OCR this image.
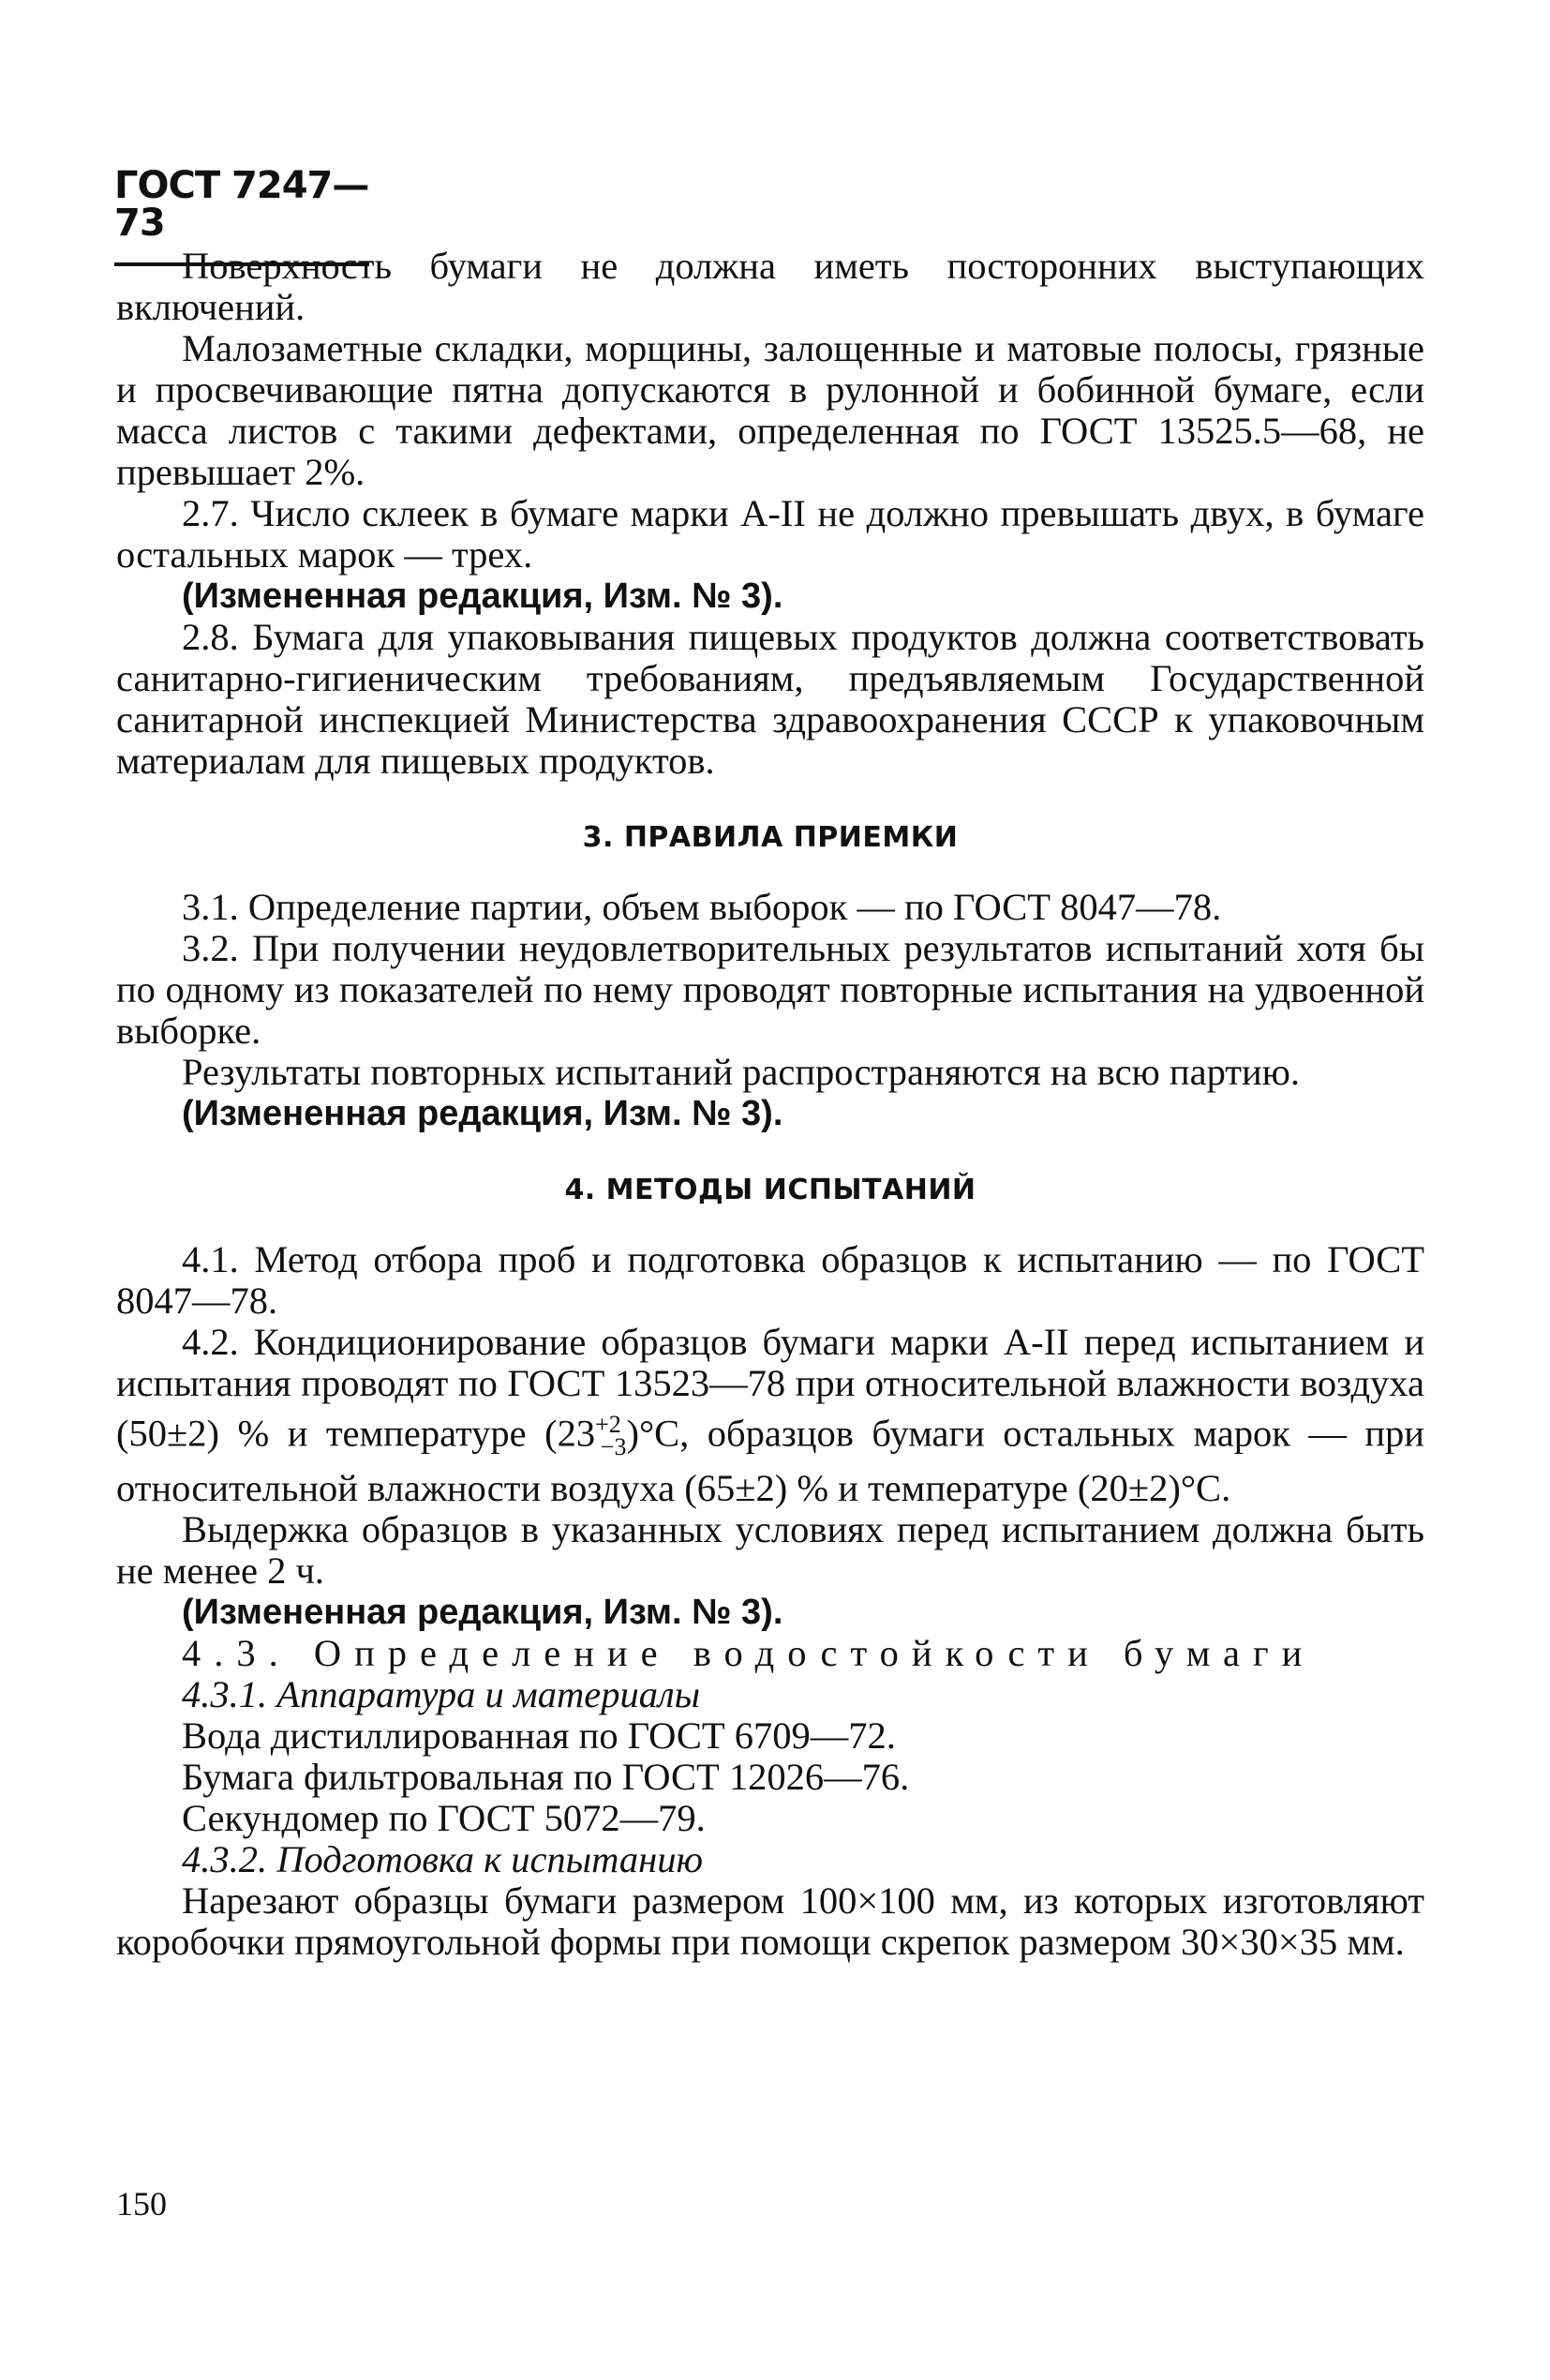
ГОСТ 7247—73

Поверхность бумаги не должна иметь посторонних выступающих включений.

Малозаметные складки, морщины, залощенные и матовые полосы, грязные и просвечивающие пятна допускаются в рулонной и бобинной бумаге, если масса листов с такими дефектами, определенная по ГОСТ 13525.5—68, не превышает 2%.

2.7. Число склеек в бумаге марки А-II не должно превышать двух, в бумаге остальных марок — трех.

(Измененная редакция, Изм. № 3).

2.8. Бумага для упаковывания пищевых продуктов должна соответствовать санитарно-гигиеническим требованиям, предъявляемым Государственной санитарной инспекцией Министерства здравоохранения СССР к упаковочным материалам для пищевых продуктов.

3. ПРАВИЛА ПРИЕМКИ

3.1. Определение партии, объем выборок — по ГОСТ 8047—78.

3.2. При получении неудовлетворительных результатов испытаний хотя бы по одному из показателей по нему проводят повторные испытания на удвоенной выборке.

Результаты повторных испытаний распространяются на всю партию.

(Измененная редакция, Изм. № 3).

4. МЕТОДЫ ИСПЫТАНИЙ

4.1. Метод отбора проб и подготовка образцов к испытанию — по ГОСТ 8047—78.

4.2. Кондиционирование образцов бумаги марки А-II перед испытанием и испытания проводят по ГОСТ 13523—78 при относительной влажности воздуха (50±2) % и температуре $(23^{+2}_{-3})^\circ С$, образцов бумаги остальных марок — при относительной влажности воздуха (65±2) % и температуре (20±2)°С.

Выдержка образцов в указанных условиях перед испытанием должна быть не менее 2 ч.

(Измененная редакция, Изм. № 3).

4.3. Определение водостойкости бумаги

4.3.1. Аппаратура и материалы

Вода дистиллированная по ГОСТ 6709—72.

Бумага фильтровальная по ГОСТ 12026—76.

Секундомер по ГОСТ 5072—79.

4.3.2. Подготовка к испытанию

Нарезают образцы бумаги размером 100×100 мм, из которых изготовляют коробочки прямоугольной формы при помощи скрепок размером 30×30×35 мм.

150
